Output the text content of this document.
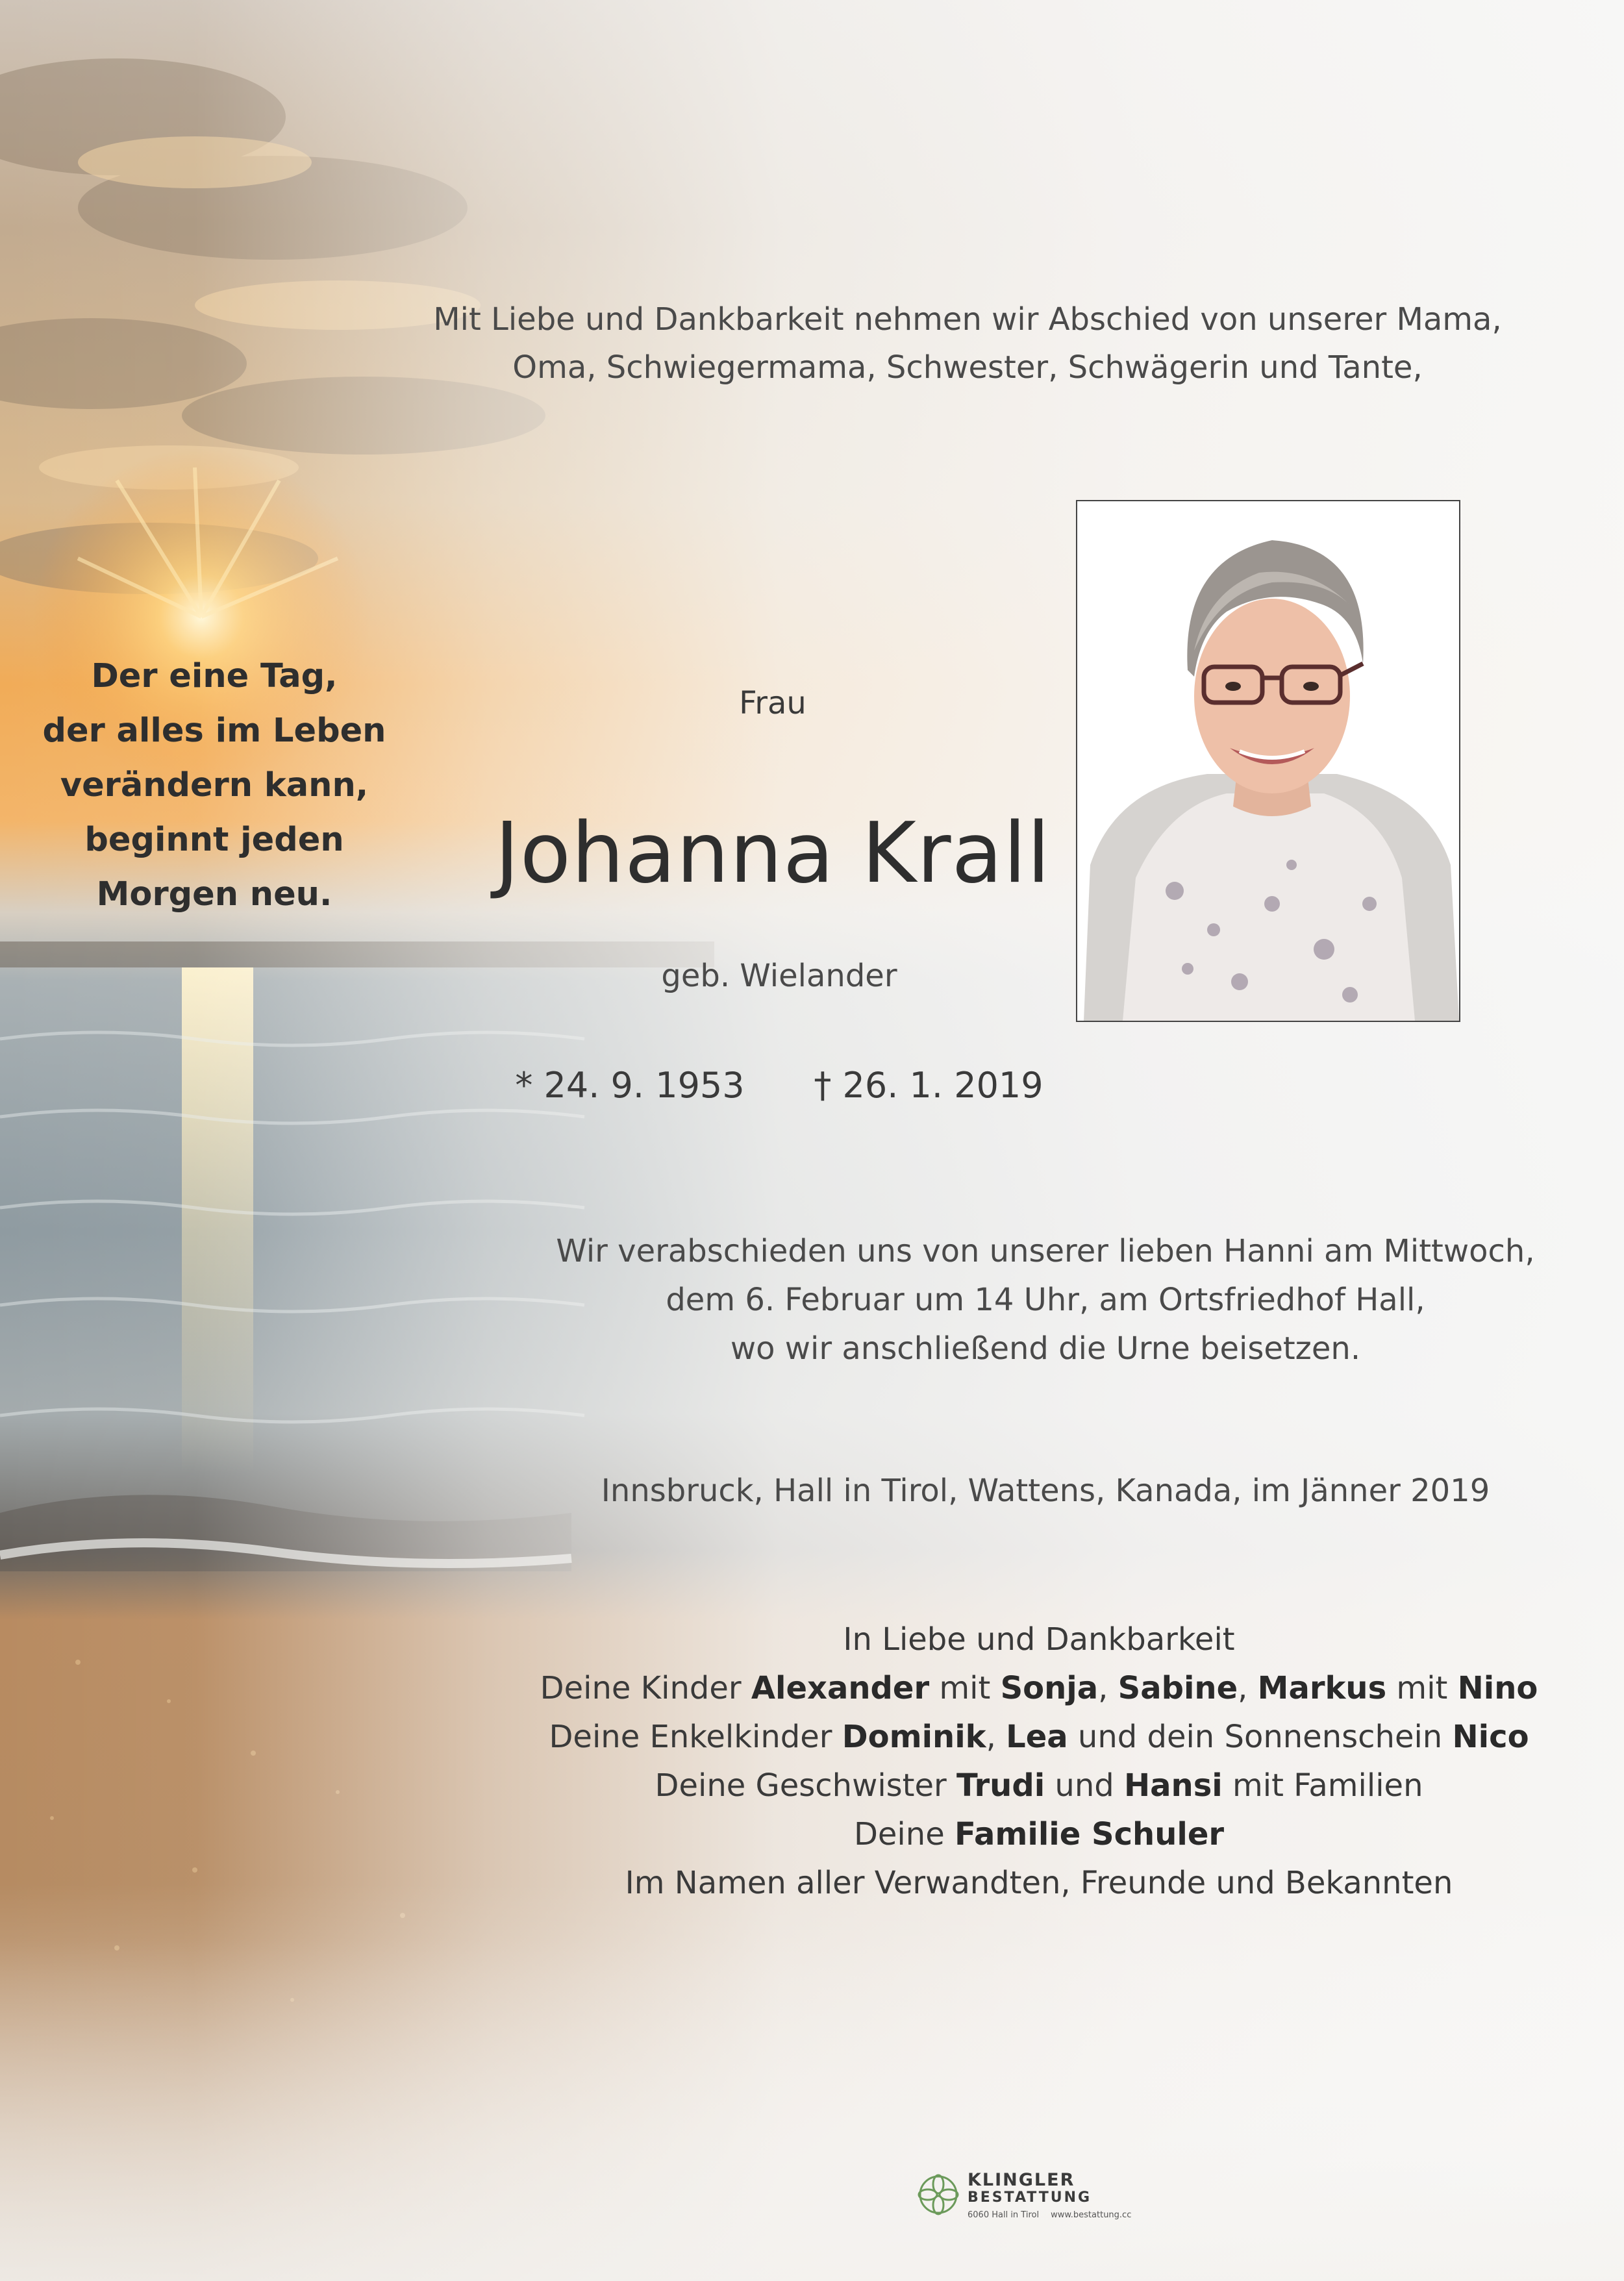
Mit Liebe und Dankbarkeit nehmen wir Abschied von unserer Mama,

Oma, Schwiegermama, Schwester, Schwägerin und Tante,

Der eine Tag,

der alles im Leben

verändern kann,

beginnt jeden

Morgen neu.

Frau

Johanna Krall

geb. Wielander

* 24. 9. 1953 † 26. 1. 2019

Wir verabschieden uns von unserer lieben Hanni am Mittwoch,

dem 6. Februar um 14 Uhr, am Ortsfriedhof Hall,

wo wir anschließend die Urne beisetzen.

Innsbruck, Hall in Tirol, Wattens, Kanada, im Jänner 2019

In Liebe und Dankbarkeit

Deine Kinder Alexander mit Sonja, Sabine, Markus mit Nino

Deine Enkelkinder Dominik, Lea und dein Sonnenschein Nico

Deine Geschwister Trudi und Hansi mit Familien

Deine Familie Schuler

Im Namen aller Verwandten, Freunde und Bekannten

KLINGLER
BESTATTUNG
6060 Hall in Tirol www.bestattung.cc
